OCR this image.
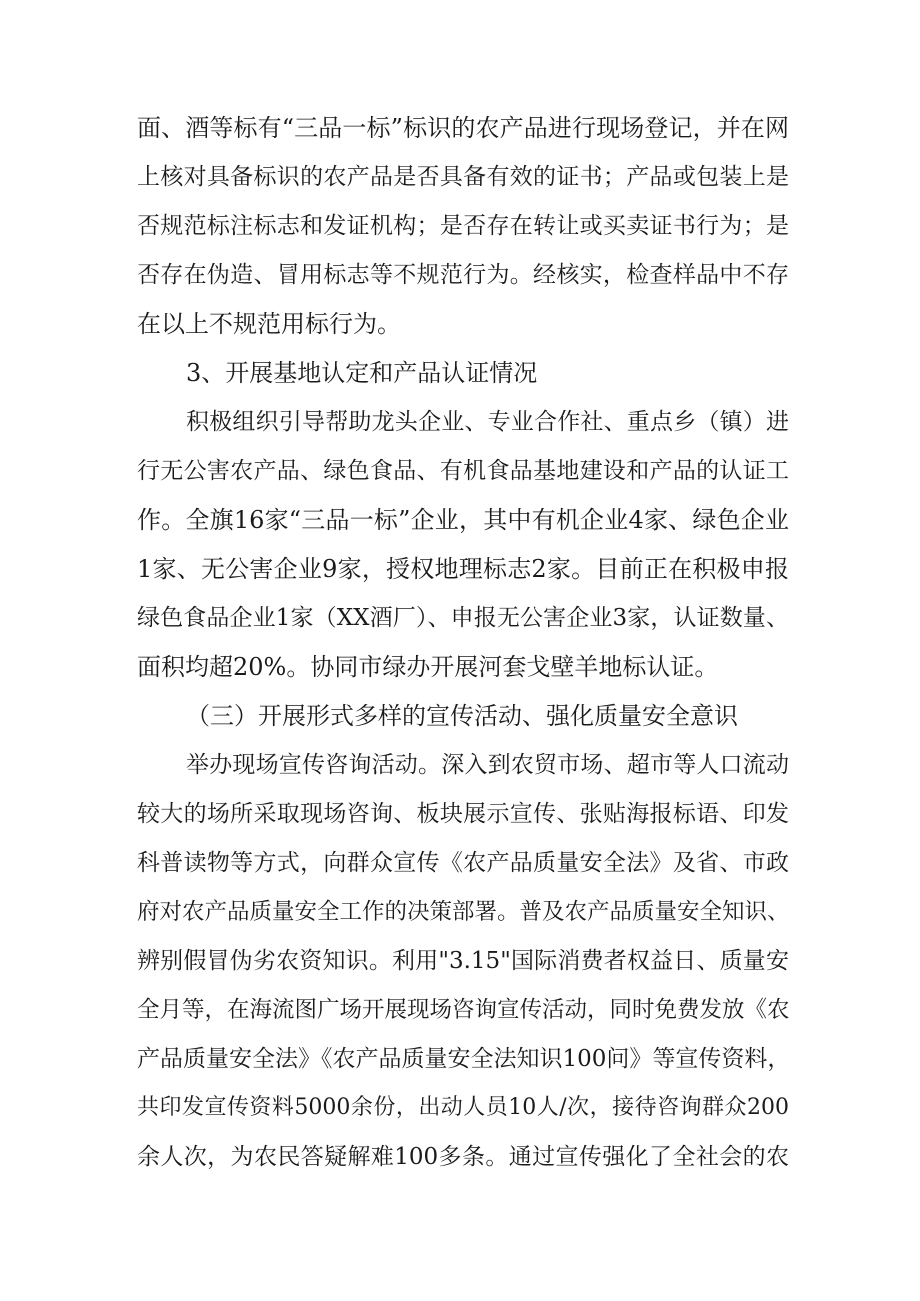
面、酒等标有“三品一标”标识的农产品进行现场登记，并在网
上核对具备标识的农产品是否具备有效的证书；产品或包装上是
否规范标注标志和发证机构；是否存在转让或买卖证书行为；是
否存在伪造、冒用标志等不规范行为。经核实，检查样品中不存
在以上不规范用标行为。
3、开展基地认定和产品认证情况
积极组织引导帮助龙头企业、专业合作社、重点乡（镇）进
行无公害农产品、绿色食品、有机食品基地建设和产品的认证工
作。全旗16家“三品一标”企业，其中有机企业4家、绿色企业
1家、无公害企业9家，授权地理标志2家。目前正在积极申报
绿色食品企业1家（XX酒厂）、申报无公害企业3家，认证数量、
面积均超20%。协同市绿办开展河套戈壁羊地标认证。
（三）开展形式多样的宣传活动、强化质量安全意识
举办现场宣传咨询活动。深入到农贸市场、超市等人口流动
较大的场所采取现场咨询、板块展示宣传、张贴海报标语、印发
科普读物等方式，向群众宣传《农产品质量安全法》及省、市政
府对农产品质量安全工作的决策部署。普及农产品质量安全知识、
辨别假冒伪劣农资知识。利用"3.15"国际消费者权益日、质量安
全月等，在海流图广场开展现场咨询宣传活动，同时免费发放《农
产品质量安全法》《农产品质量安全法知识100问》等宣传资料，
共印发宣传资料5000余份，出动人员10人/次，接待咨询群众200
余人次，为农民答疑解难100多条。通过宣传强化了全社会的农
